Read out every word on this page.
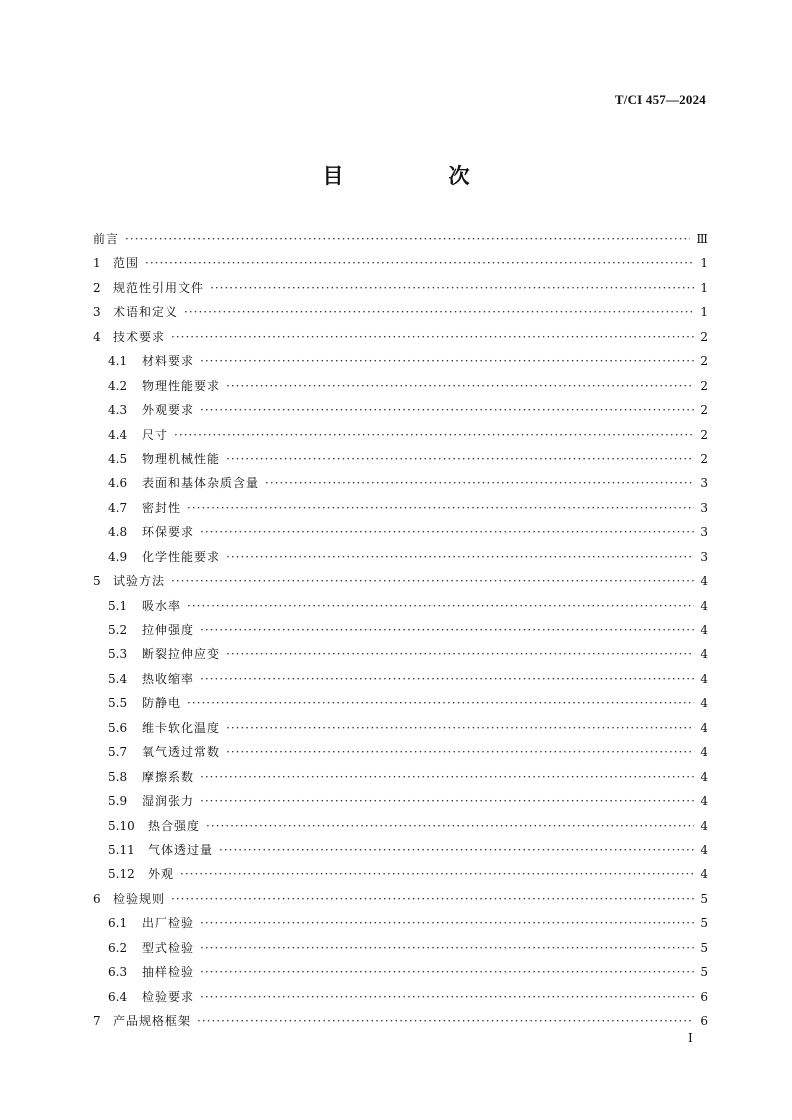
T/CI 457—2024
目　次
前言 ·····	Ⅲ
1	范围 ·····	1
2	规范性引用文件 ·····	1
3	术语和定义 ·····	1
4	技术要求 ·····	2
4.1	材料要求 ·····	2
4.2	物理性能要求 ·····	2
4.3	外观要求 ·····	2
4.4	尺寸 ·····	2
4.5	物理机械性能 ·····	2
4.6	表面和基体杂质含量 ·····	3
4.7	密封性 ·····	3
4.8	环保要求 ·····	3
4.9	化学性能要求 ·····	3
5	试验方法 ·····	4
5.1	吸水率 ·····	4
5.2	拉伸强度 ·····	4
5.3	断裂拉伸应变 ·····	4
5.4	热收缩率 ·····	4
5.5	防静电 ·····	4
5.6	维卡软化温度 ·····	4
5.7	氧气透过常数 ·····	4
5.8	摩擦系数 ·····	4
5.9	湿润张力 ·····	4
5.10	热合强度 ·····	4
5.11	气体透过量 ·····	4
5.12	外观 ·····	4
6	检验规则 ·····	5
6.1	出厂检验 ·····	5
6.2	型式检验 ·····	5
6.3	抽样检验 ·····	5
6.4	检验要求 ·····	6
7	产品规格框架 ·····	6
I
